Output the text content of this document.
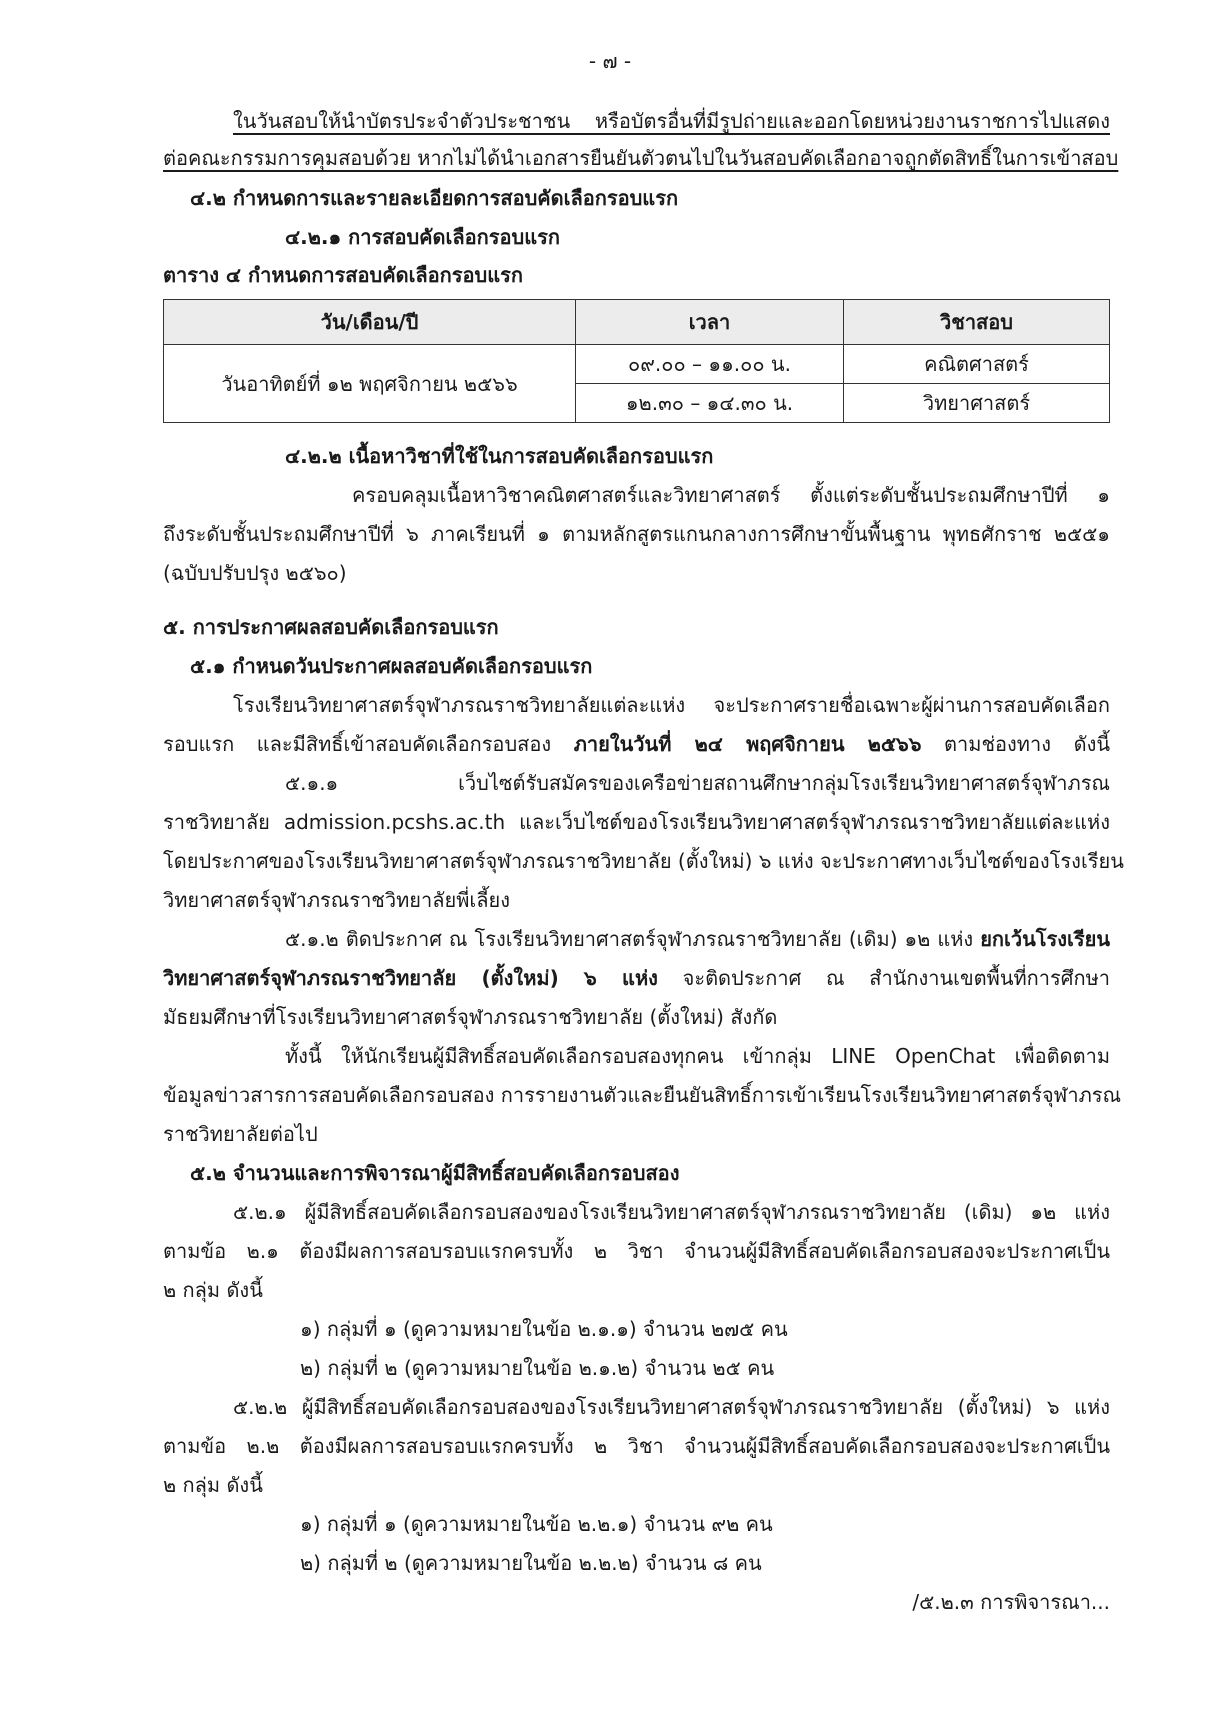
- ๗ -
ในวันสอบให้นำบัตรประจำตัวประชาชน หรือบัตรอื่นที่มีรูปถ่ายและออกโดยหน่วยงานราชการไปแสดง
ต่อคณะกรรมการคุมสอบด้วย หากไม่ได้นำเอกสารยืนยันตัวตนไปในวันสอบคัดเลือกอาจถูกตัดสิทธิ์ในการเข้าสอบ
๔.๒ กำหนดการและรายละเอียดการสอบคัดเลือกรอบแรก
๔.๒.๑ การสอบคัดเลือกรอบแรก
ตาราง ๔ กำหนดการสอบคัดเลือกรอบแรก
วัน/เดือน/ปี	เวลา	วิชาสอบ
วันอาทิตย์ที่ ๑๒ พฤศจิกายน ๒๕๖๖	๐๙.๐๐ – ๑๑.๐๐ น.	คณิตศาสตร์
	๑๒.๓๐ – ๑๔.๓๐ น.	วิทยาศาสตร์
๔.๒.๒ เนื้อหาวิชาที่ใช้ในการสอบคัดเลือกรอบแรก
ครอบคลุมเนื้อหาวิชาคณิตศาสตร์และวิทยาศาสตร์ ตั้งแต่ระดับชั้นประถมศึกษาปีที่ ๑
ถึงระดับชั้นประถมศึกษาปีที่ ๖ ภาคเรียนที่ ๑ ตามหลักสูตรแกนกลางการศึกษาขั้นพื้นฐาน พุทธศักราช ๒๕๕๑
(ฉบับปรับปรุง ๒๕๖๐)
๕. การประกาศผลสอบคัดเลือกรอบแรก
๕.๑ กำหนดวันประกาศผลสอบคัดเลือกรอบแรก
โรงเรียนวิทยาศาสตร์จุฬาภรณราชวิทยาลัยแต่ละแห่ง จะประกาศรายชื่อเฉพาะผู้ผ่านการสอบคัดเลือก
รอบแรก และมีสิทธิ์เข้าสอบคัดเลือกรอบสอง ภายในวันที่ ๒๔ พฤศจิกายน ๒๕๖๖ ตามช่องทาง ดังนี้
๕.๑.๑ เว็บไซต์รับสมัครของเครือข่ายสถานศึกษากลุ่มโรงเรียนวิทยาศาสตร์จุฬาภรณ
ราชวิทยาลัย admission.pcshs.ac.th และเว็บไซต์ของโรงเรียนวิทยาศาสตร์จุฬาภรณราชวิทยาลัยแต่ละแห่ง
โดยประกาศของโรงเรียนวิทยาศาสตร์จุฬาภรณราชวิทยาลัย (ตั้งใหม่) ๖ แห่ง จะประกาศทางเว็บไซต์ของโรงเรียน
วิทยาศาสตร์จุฬาภรณราชวิทยาลัยพี่เลี้ยง
๕.๑.๒ ติดประกาศ ณ โรงเรียนวิทยาศาสตร์จุฬาภรณราชวิทยาลัย (เดิม) ๑๒ แห่ง ยกเว้นโรงเรียน
วิทยาศาสตร์จุฬาภรณราชวิทยาลัย (ตั้งใหม่) ๖ แห่ง จะติดประกาศ ณ สำนักงานเขตพื้นที่การศึกษา
มัธยมศึกษาที่โรงเรียนวิทยาศาสตร์จุฬาภรณราชวิทยาลัย (ตั้งใหม่) สังกัด
ทั้งนี้ ให้นักเรียนผู้มีสิทธิ์สอบคัดเลือกรอบสองทุกคน เข้ากลุ่ม LINE OpenChat เพื่อติดตาม
ข้อมูลข่าวสารการสอบคัดเลือกรอบสอง การรายงานตัวและยืนยันสิทธิ์การเข้าเรียนโรงเรียนวิทยาศาสตร์จุฬาภรณ
ราชวิทยาลัยต่อไป
๕.๒ จำนวนและการพิจารณาผู้มีสิทธิ์สอบคัดเลือกรอบสอง
๕.๒.๑ ผู้มีสิทธิ์สอบคัดเลือกรอบสองของโรงเรียนวิทยาศาสตร์จุฬาภรณราชวิทยาลัย (เดิม) ๑๒ แห่ง
ตามข้อ ๒.๑ ต้องมีผลการสอบรอบแรกครบทั้ง ๒ วิชา จำนวนผู้มีสิทธิ์สอบคัดเลือกรอบสองจะประกาศเป็น
๒ กลุ่ม ดังนี้
๑) กลุ่มที่ ๑ (ดูความหมายในข้อ ๒.๑.๑) จำนวน ๒๗๕ คน
๒) กลุ่มที่ ๒ (ดูความหมายในข้อ ๒.๑.๒) จำนวน ๒๕ คน
๕.๒.๒ ผู้มีสิทธิ์สอบคัดเลือกรอบสองของโรงเรียนวิทยาศาสตร์จุฬาภรณราชวิทยาลัย (ตั้งใหม่) ๖ แห่ง
ตามข้อ ๒.๒ ต้องมีผลการสอบรอบแรกครบทั้ง ๒ วิชา จำนวนผู้มีสิทธิ์สอบคัดเลือกรอบสองจะประกาศเป็น
๒ กลุ่ม ดังนี้
๑) กลุ่มที่ ๑ (ดูความหมายในข้อ ๒.๒.๑) จำนวน ๙๒ คน
๒) กลุ่มที่ ๒ (ดูความหมายในข้อ ๒.๒.๒) จำนวน ๘ คน
/๕.๒.๓ การพิจารณา...
